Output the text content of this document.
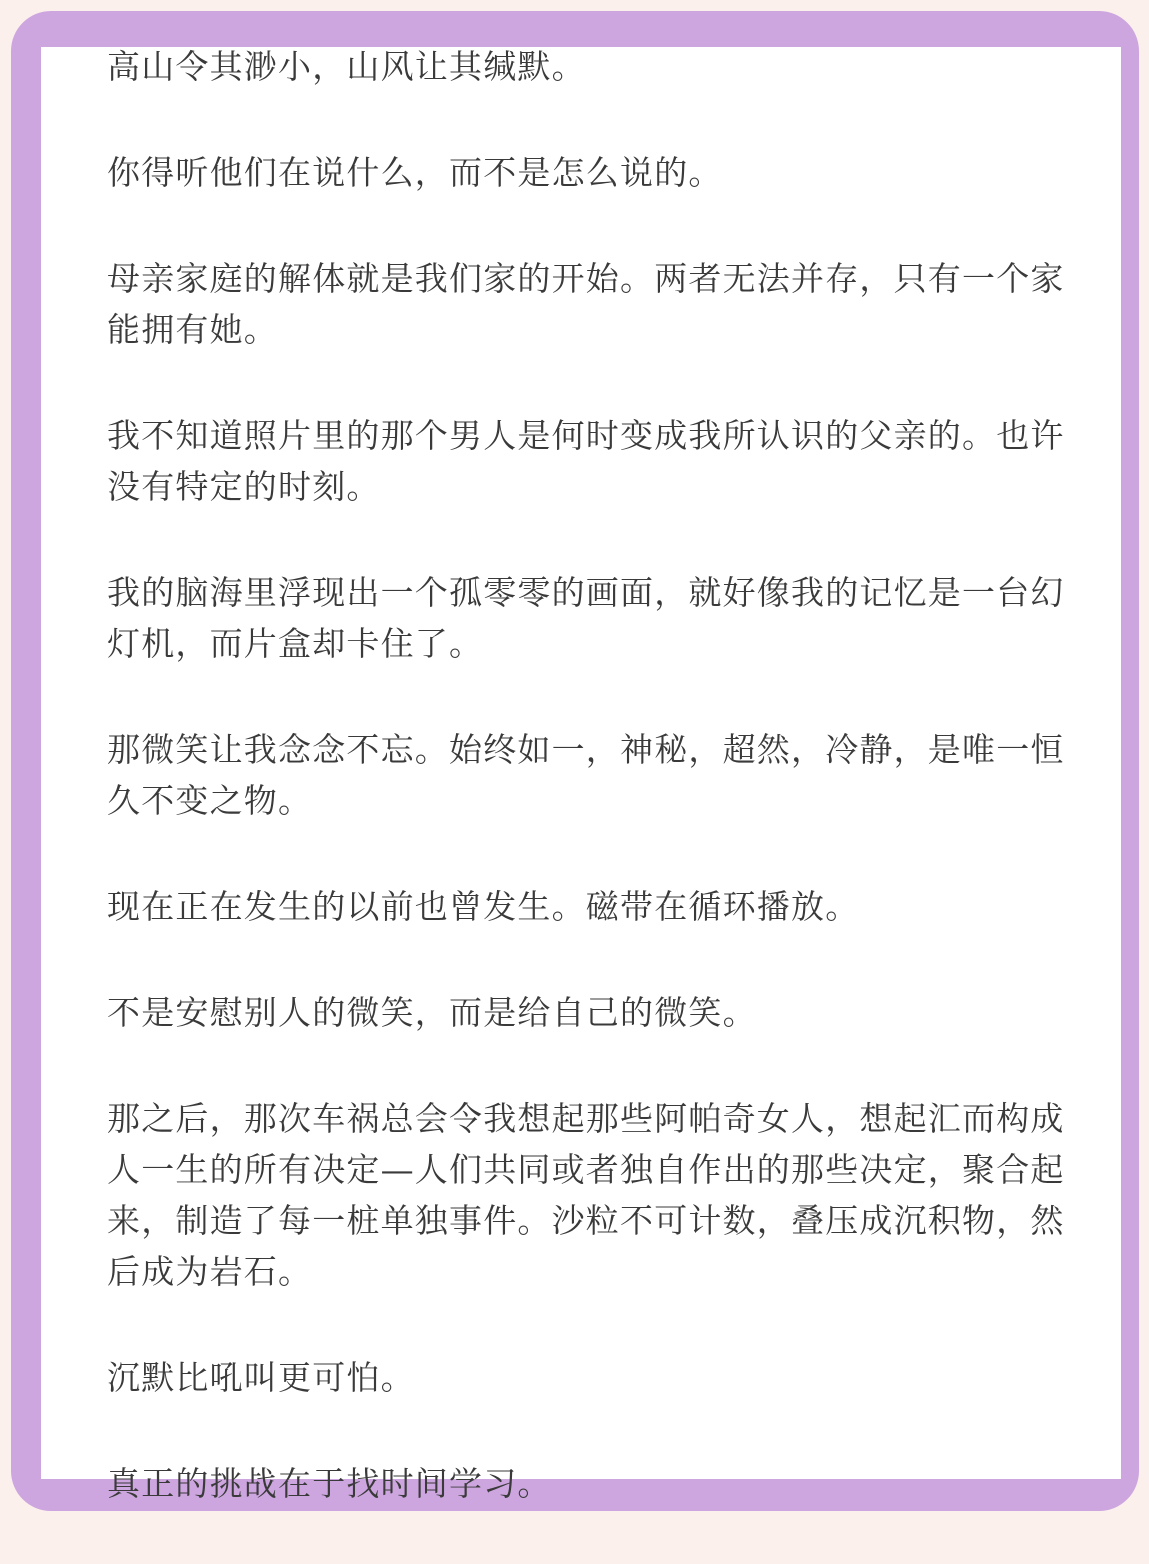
高山令其渺小，山风让其缄默。

你得听他们在说什么，而不是怎么说的。

母亲家庭的解体就是我们家的开始。两者无法并存，只有一个家能拥有她。

我不知道照片里的那个男人是何时变成我所认识的父亲的。也许没有特定的时刻。

我的脑海里浮现出一个孤零零的画面，就好像我的记忆是一台幻灯机，而片盒却卡住了。

那微笑让我念念不忘。始终如一，神秘，超然，冷静，是唯一恒久不变之物。

现在正在发生的以前也曾发生。磁带在循环播放。

不是安慰别人的微笑，而是给自己的微笑。

那之后，那次车祸总会令我想起那些阿帕奇女人，想起汇而构成人一生的所有决定—人们共同或者独自作出的那些决定，聚合起来，制造了每一桩单独事件。沙粒不可计数，叠压成沉积物，然后成为岩石。

沉默比吼叫更可怕。

真正的挑战在于找时间学习。
